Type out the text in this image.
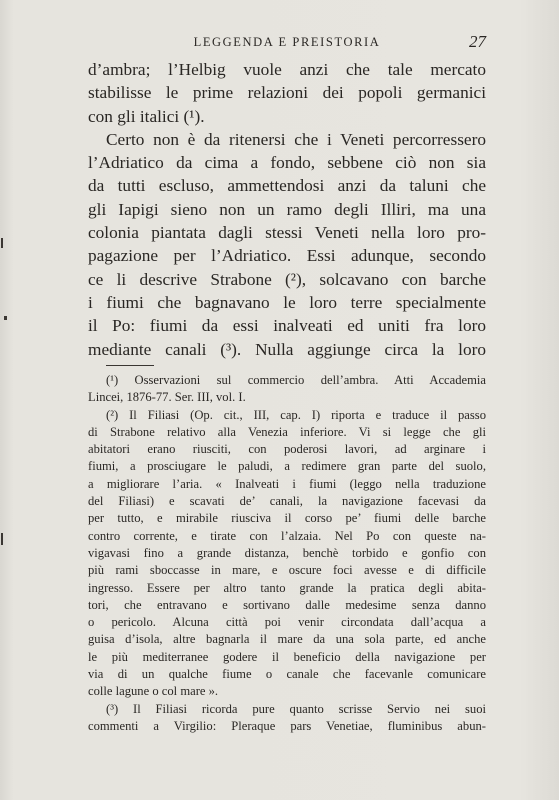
LEGGENDA E PREISTORIA	27
d’ambra; l’Helbig vuole anzi che tale mercato
stabilisse le prime relazioni dei popoli germanici
con gli italici (¹).
Certo non è da ritenersi che i Veneti percorressero
l’Adriatico da cima a fondo, sebbene ciò non sia
da tutti escluso, ammettendosi anzi da taluni che
gli Iapigi sieno non un ramo degli Illiri, ma una
colonia piantata dagli stessi Veneti nella loro pro-
pagazione per l’Adriatico. Essi adunque, secondo
ce li descrive Strabone (²), solcavano con barche
i fiumi che bagnavano le loro terre specialmente
il Po: fiumi da essi inalveati ed uniti fra loro
mediante canali (³). Nulla aggiunge circa la loro
(¹) Osservazioni sul commercio dell’ambra. Atti Accademia
Lincei, 1876-77. Ser. III, vol. I.
(²) Il Filiasi (Op. cit., III, cap. I) riporta e traduce il passo
di Strabone relativo alla Venezia inferiore. Vi si legge che gli
abitatori erano riusciti, con poderosi lavori, ad arginare i
fiumi, a prosciugare le paludi, a redimere gran parte del suolo,
a migliorare l’aria. « Inalveati i fiumi (leggo nella traduzione
del Filiasi) e scavati de’ canali, la navigazione facevasi da
per tutto, e mirabile riusciva il corso pe’ fiumi delle barche
contro corrente, e tirate con l’alzaia. Nel Po con queste na-
vigavasi fino a grande distanza, benchè torbido e gonfio con
più rami sboccasse in mare, e oscure foci avesse e di difficile
ingresso. Essere per altro tanto grande la pratica degli abita-
tori, che entravano e sortivano dalle medesime senza danno
o pericolo. Alcuna città poi venir circondata dall’acqua a
guisa d’isola, altre bagnarla il mare da una sola parte, ed anche
le più mediterranee godere il beneficio della navigazione per
via di un qualche fiume o canale che facevanle comunicare
colle lagune o col mare ».
(³) Il Filiasi ricorda pure quanto scrisse Servio nei suoi
commenti a Virgilio: Pleraque pars Venetiae, fluminibus abun-
